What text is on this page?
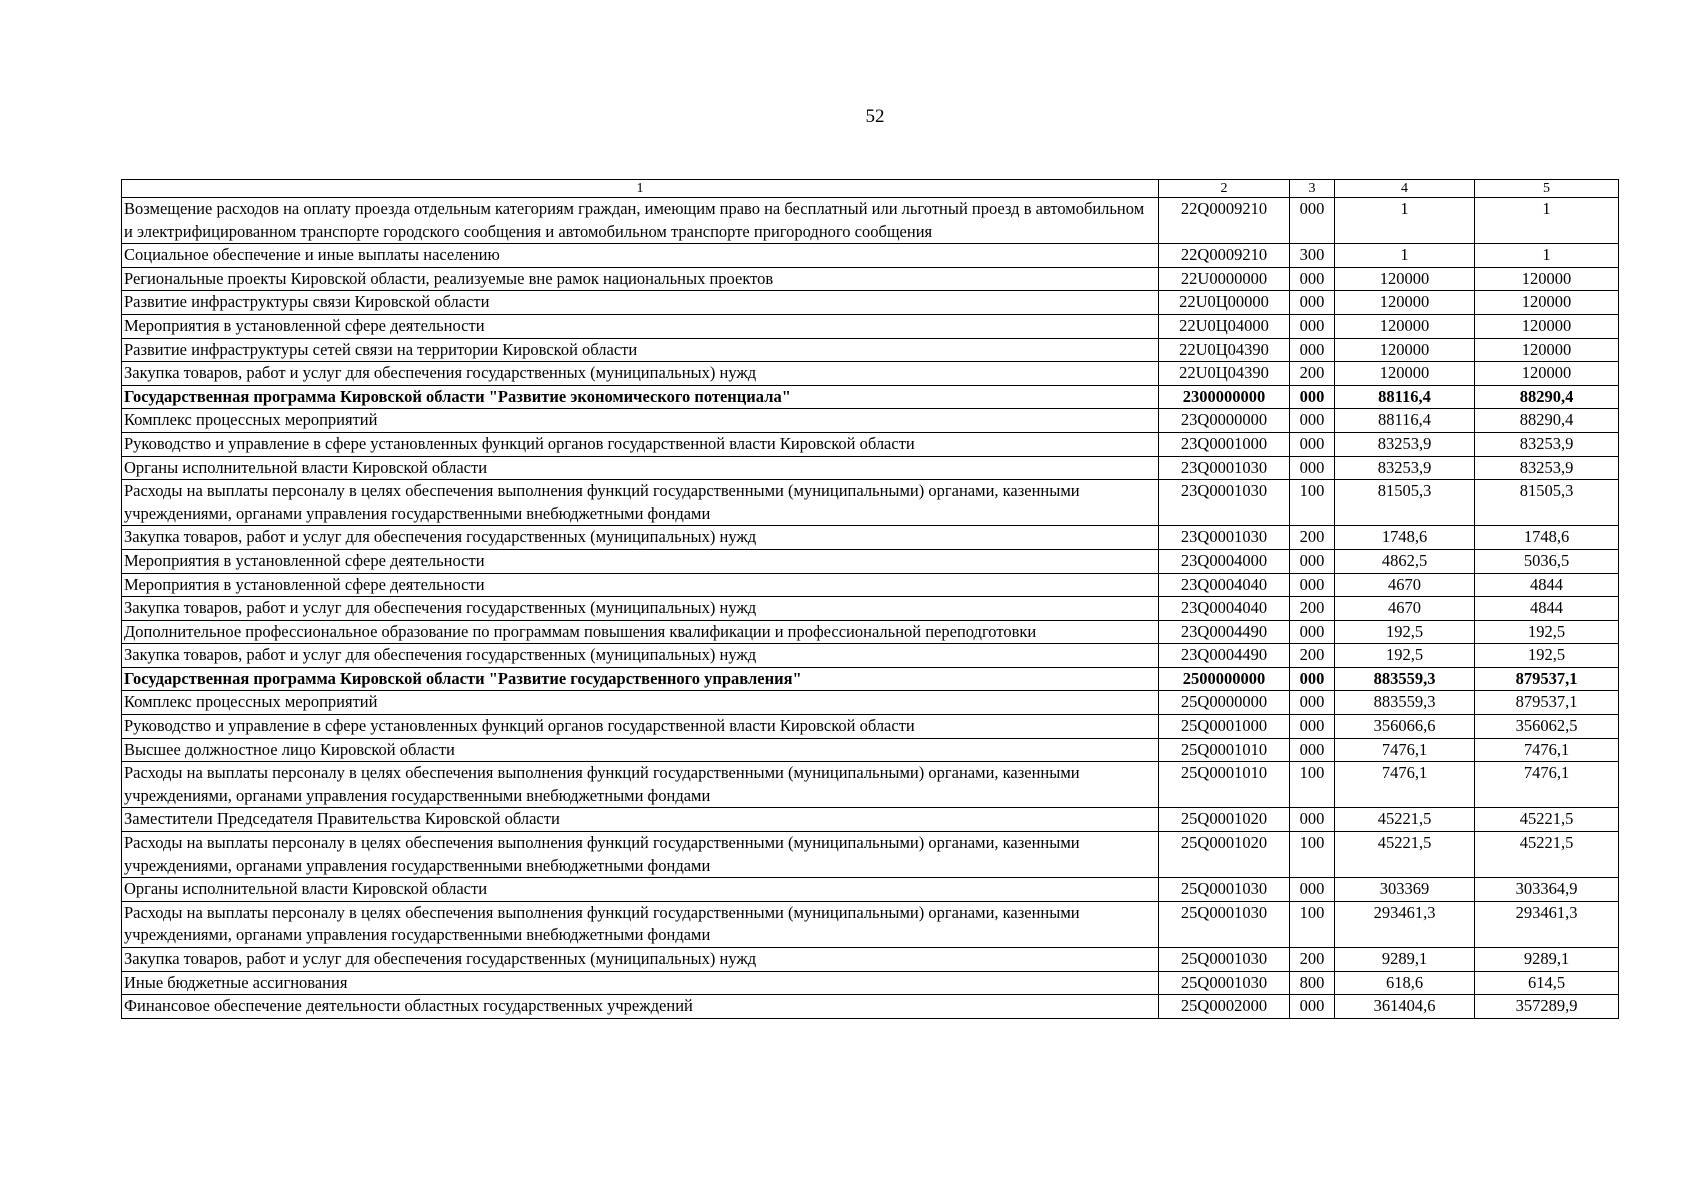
52
1	2	3	4	5
Возмещение расходов на оплату проезда отдельным категориям граждан, имеющим право на бесплатный или льготный проезд в автомобильном и электрифицированном транспорте городского сообщения и автомобильном транспорте пригородного сообщения	22Q0009210	000	1	1
Социальное обеспечение и иные выплаты населению	22Q0009210	300	1	1
Региональные проекты Кировской области, реализуемые вне рамок национальных проектов	22U0000000	000	120000	120000
Развитие инфраструктуры связи Кировской области	22U0Ц00000	000	120000	120000
Мероприятия в установленной сфере деятельности	22U0Ц04000	000	120000	120000
Развитие инфраструктуры сетей связи на территории Кировской области	22U0Ц04390	000	120000	120000
Закупка товаров, работ и услуг для обеспечения государственных (муниципальных) нужд	22U0Ц04390	200	120000	120000
Государственная программа Кировской области "Развитие экономического потенциала"	2300000000	000	88116,4	88290,4
Комплекс процессных мероприятий	23Q0000000	000	88116,4	88290,4
Руководство и управление в сфере установленных функций органов государственной власти Кировской области	23Q0001000	000	83253,9	83253,9
Органы исполнительной власти Кировской области	23Q0001030	000	83253,9	83253,9
Расходы на выплаты персоналу в целях обеспечения выполнения функций государственными (муниципальными) органами, казенными учреждениями, органами управления государственными внебюджетными фондами	23Q0001030	100	81505,3	81505,3
Закупка товаров, работ и услуг для обеспечения государственных (муниципальных) нужд	23Q0001030	200	1748,6	1748,6
Мероприятия в установленной сфере деятельности	23Q0004000	000	4862,5	5036,5
Мероприятия в установленной сфере деятельности	23Q0004040	000	4670	4844
Закупка товаров, работ и услуг для обеспечения государственных (муниципальных) нужд	23Q0004040	200	4670	4844
Дополнительное профессиональное образование по программам повышения квалификации и профессиональной переподготовки	23Q0004490	000	192,5	192,5
Закупка товаров, работ и услуг для обеспечения государственных (муниципальных) нужд	23Q0004490	200	192,5	192,5
Государственная программа Кировской области "Развитие государственного управления"	2500000000	000	883559,3	879537,1
Комплекс процессных мероприятий	25Q0000000	000	883559,3	879537,1
Руководство и управление в сфере установленных функций органов государственной власти Кировской области	25Q0001000	000	356066,6	356062,5
Высшее должностное лицо Кировской области	25Q0001010	000	7476,1	7476,1
Расходы на выплаты персоналу в целях обеспечения выполнения функций государственными (муниципальными) органами, казенными учреждениями, органами управления государственными внебюджетными фондами	25Q0001010	100	7476,1	7476,1
Заместители Председателя Правительства Кировской области	25Q0001020	000	45221,5	45221,5
Расходы на выплаты персоналу в целях обеспечения выполнения функций государственными (муниципальными) органами, казенными учреждениями, органами управления государственными внебюджетными фондами	25Q0001020	100	45221,5	45221,5
Органы исполнительной власти Кировской области	25Q0001030	000	303369	303364,9
Расходы на выплаты персоналу в целях обеспечения выполнения функций государственными (муниципальными) органами, казенными учреждениями, органами управления государственными внебюджетными фондами	25Q0001030	100	293461,3	293461,3
Закупка товаров, работ и услуг для обеспечения государственных (муниципальных) нужд	25Q0001030	200	9289,1	9289,1
Иные бюджетные ассигнования	25Q0001030	800	618,6	614,5
Финансовое обеспечение деятельности областных государственных учреждений	25Q0002000	000	361404,6	357289,9
